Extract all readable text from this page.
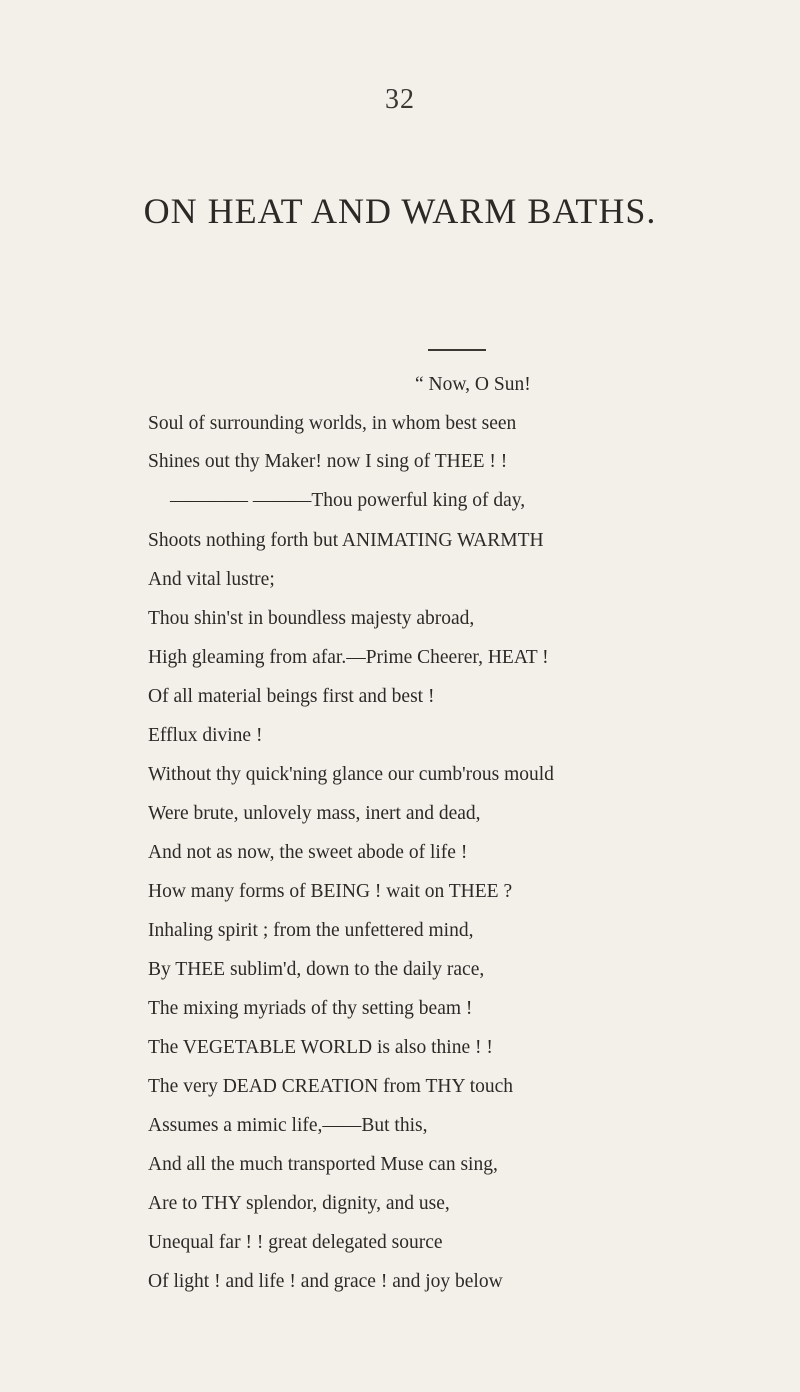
32
ON HEAT AND WARM BATHS.
“ Now, O Sun!
Soul of surrounding worlds, in whom best seen
Shines out thy Maker! now I sing of THEE ! !
———— ———Thou powerful king of day,
Shoots nothing forth but ANIMATING WARMTH
And vital lustre;
Thou shin'st in boundless majesty abroad,
High gleaming from afar.—Prime Cheerer, HEAT !
Of all material beings first and best !
Efflux divine !
Without thy quick'ning glance our cumb'rous mould
Were brute, unlovely mass, inert and dead,
And not as now, the sweet abode of life !
How many forms of BEING ! wait on THEE ?
Inhaling spirit ; from the unfettered mind,
By THEE sublim'd, down to the daily race,
The mixing myriads of thy setting beam !
The VEGETABLE WORLD is also thine ! !
The very DEAD CREATION from THY touch
Assumes a mimic life,——But this,
And all the much transported Muse can sing,
Are to THY splendor, dignity, and use,
Unequal far ! ! great delegated source
Of light ! and life ! and grace ! and joy below
